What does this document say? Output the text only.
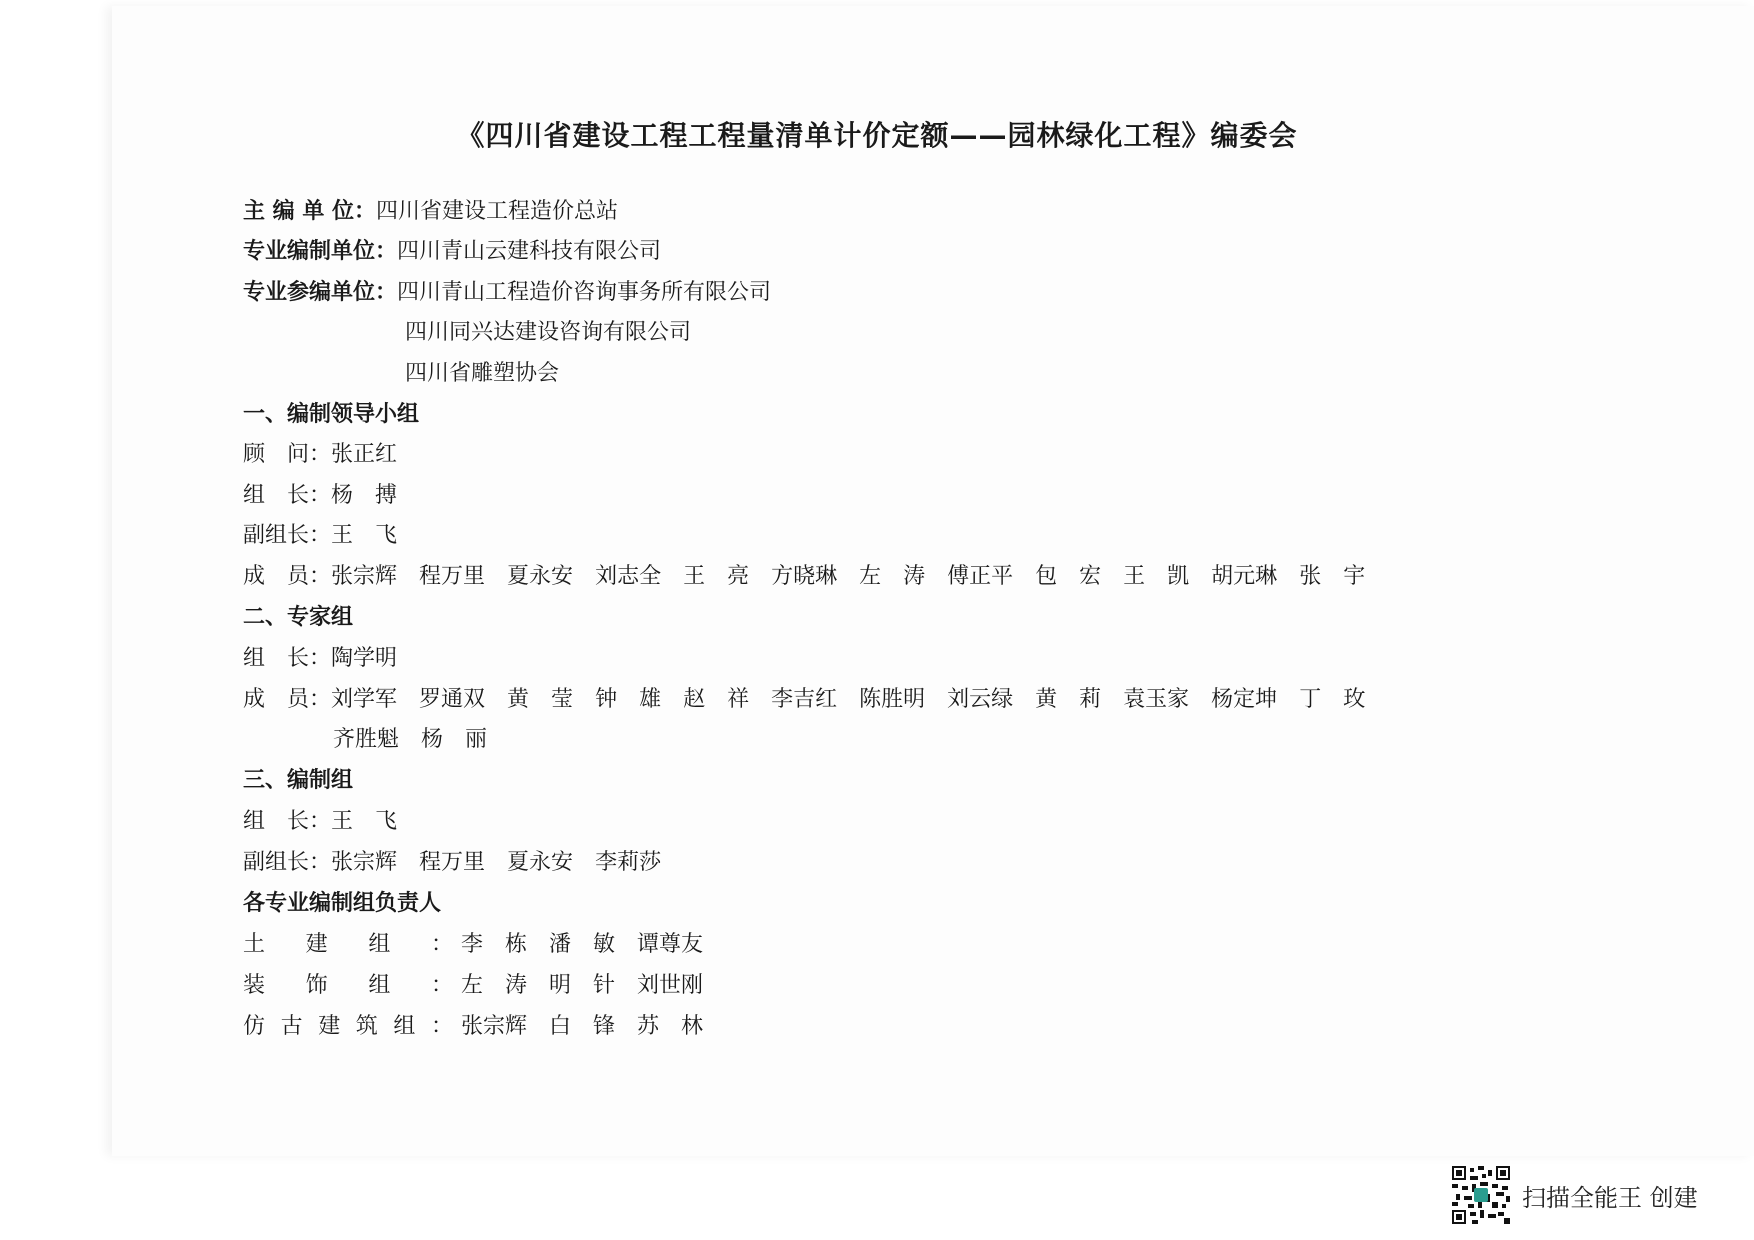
《四川省建设工程工程量清单计价定额——园林绿化工程》编委会
主 编 单 位：四川省建设工程造价总站
专业编制单位：四川青山云建科技有限公司
专业参编单位：四川青山工程造价咨询事务所有限公司
四川同兴达建设咨询有限公司
四川省雕塑协会
一、编制领导小组
顾　问：张正红
组　长：杨　搏
副组长：王　飞
成　员：张宗辉 程万里 夏永安 刘志全 王　亮 方晓琳 左　涛 傅正平 包　宏 王　凯 胡元琳 张　宇
二、专家组
组　长：陶学明
成　员：刘学军 罗通双 黄　莹 钟　雄 赵　祥 李吉红 陈胜明 刘云绿 黄　莉 袁玉家 杨定坤 丁　玫
齐胜魁 杨　丽
三、编制组
组　长：王　飞
副组长：张宗辉 程万里 夏永安 李莉莎
各专业编制组负责人
土建组： 李　栋 潘　敏 谭尊友
装饰组： 左　涛 明　针 刘世刚
仿古建筑组： 张宗辉 白　锋 苏　林
扫描全能王 创建
